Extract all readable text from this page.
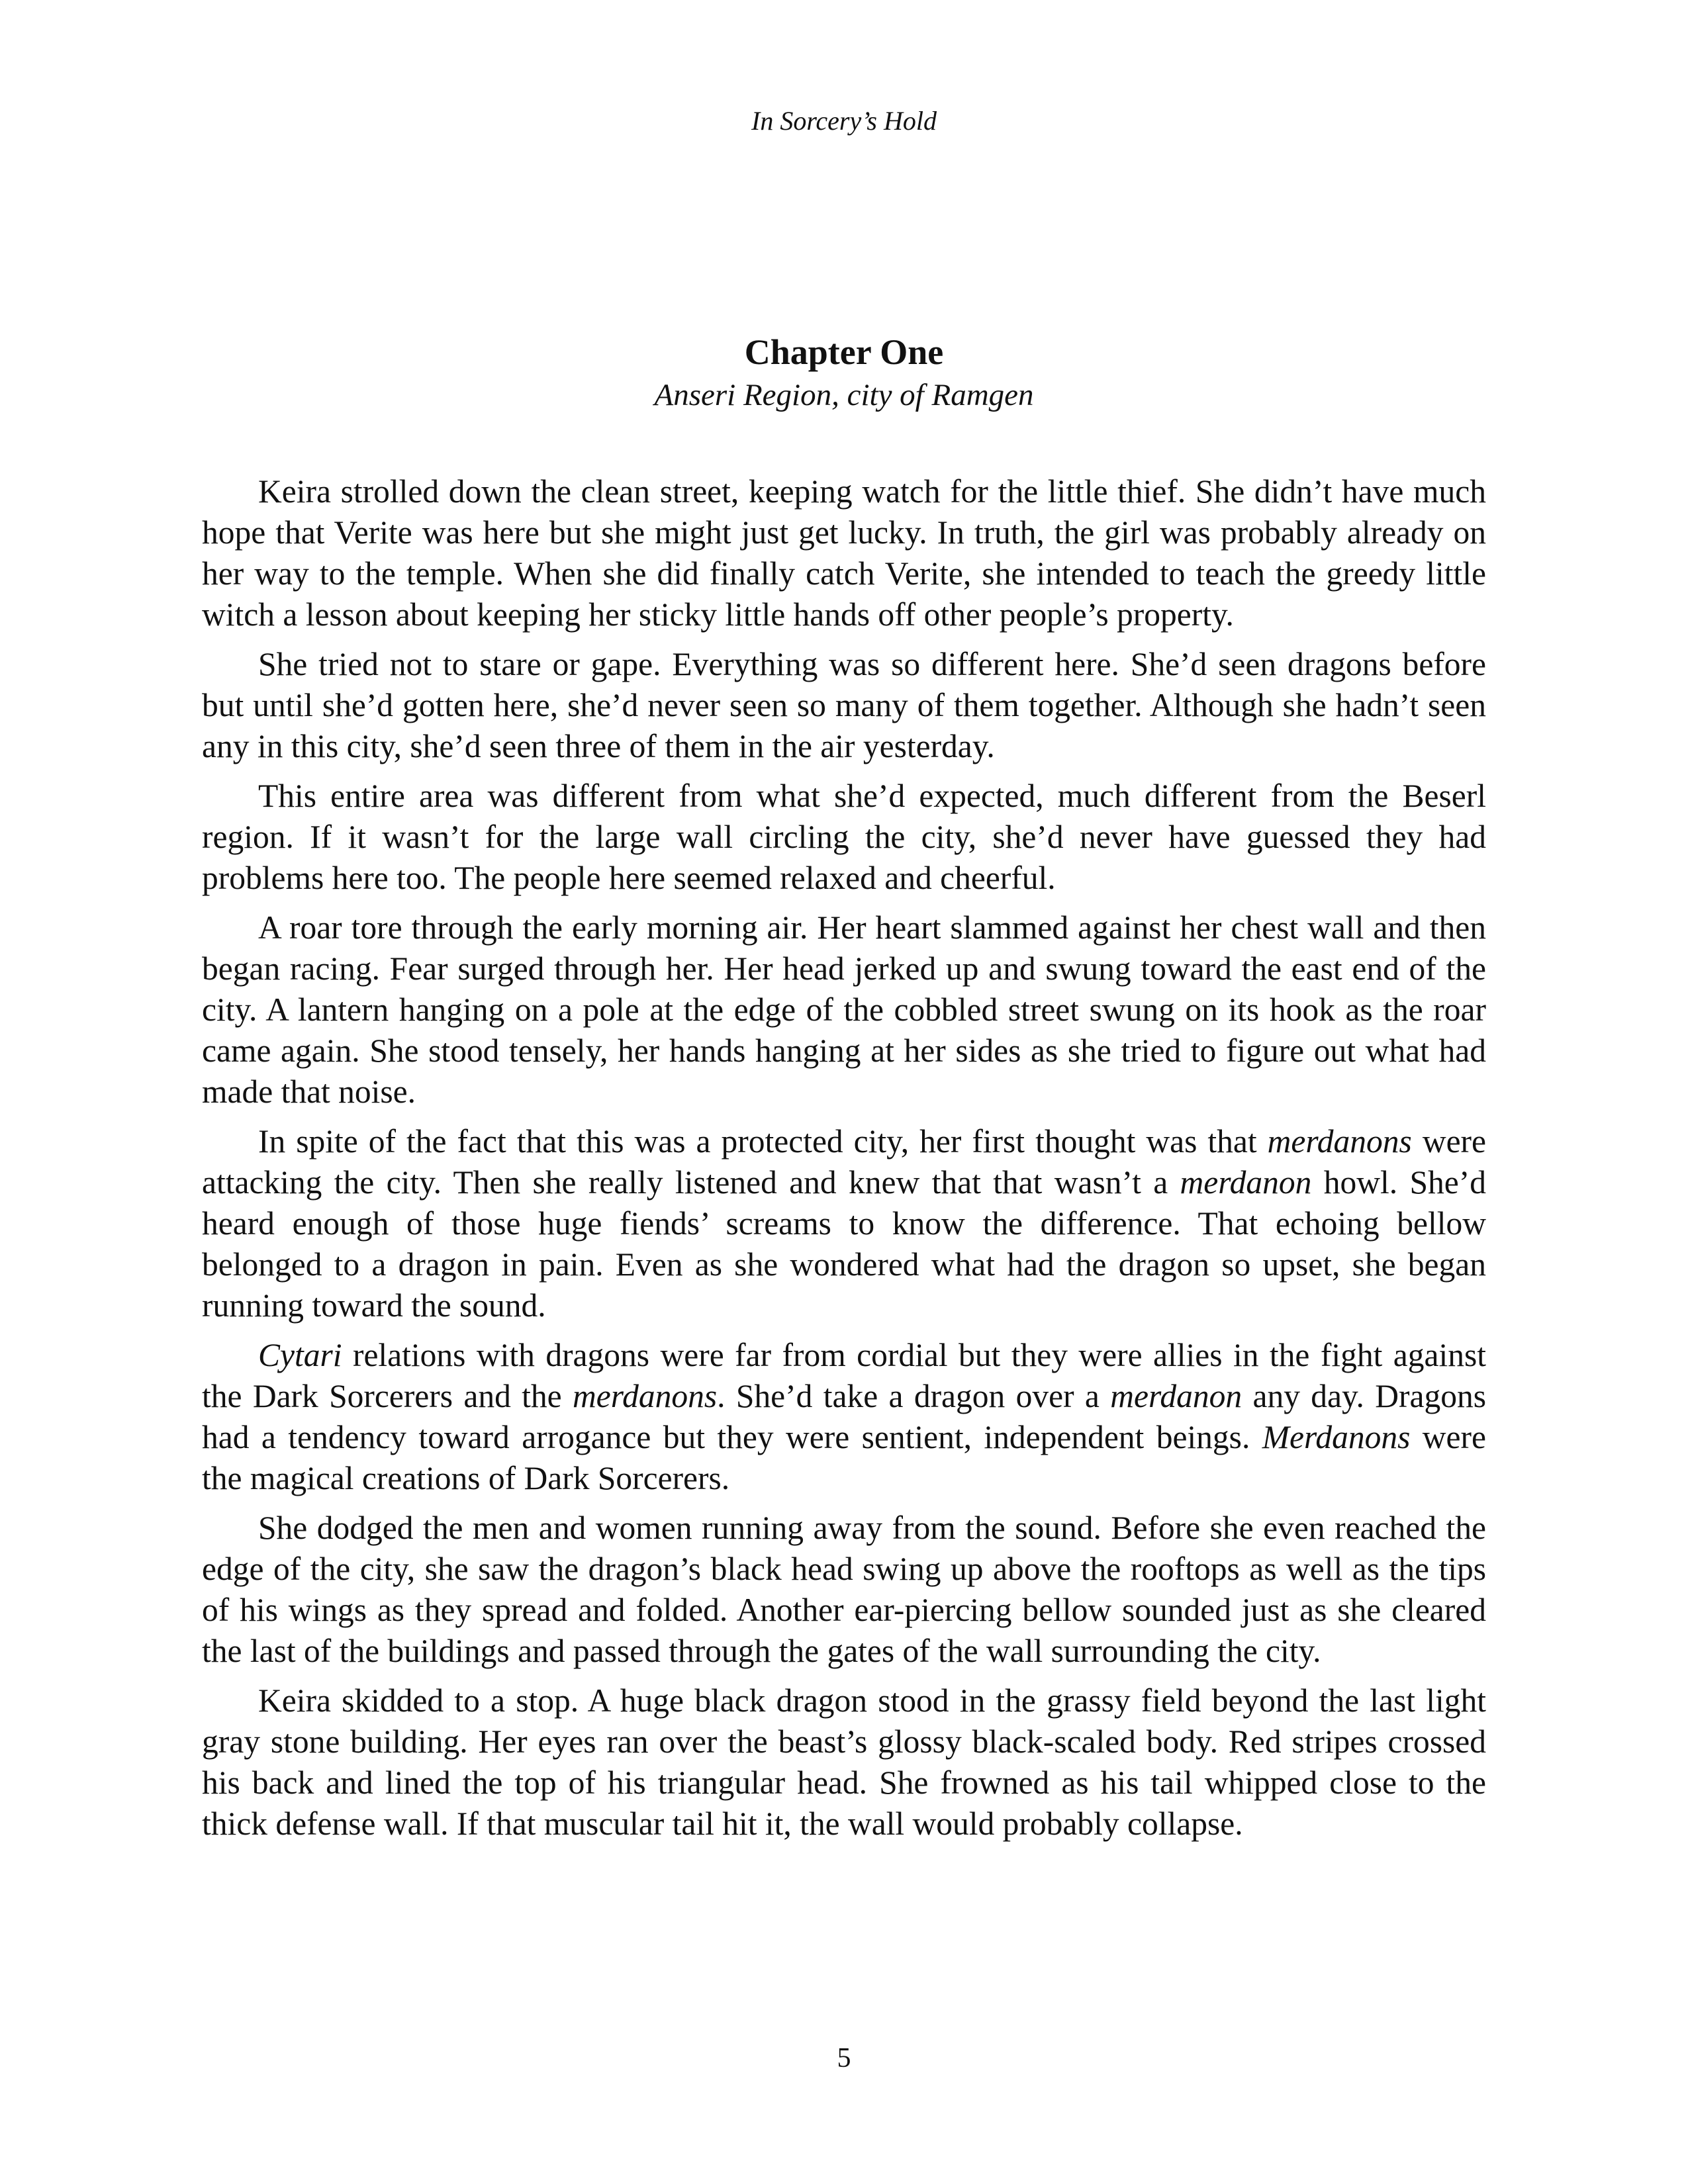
In Sorcery’s Hold
Chapter One
Anseri Region, city of Ramgen

Keira strolled down the clean street, keeping watch for the little thief. She didn’t have much hope that Verite was here but she might just get lucky. In truth, the girl was probably already on her way to the temple. When she did finally catch Verite, she intended to teach the greedy little witch a lesson about keeping her sticky little hands off other people’s property.

She tried not to stare or gape. Everything was so different here. She’d seen dragons before but until she’d gotten here, she’d never seen so many of them together. Although she hadn’t seen any in this city, she’d seen three of them in the air yesterday.

This entire area was different from what she’d expected, much different from the Beserl region. If it wasn’t for the large wall circling the city, she’d never have guessed they had problems here too. The people here seemed relaxed and cheerful.

A roar tore through the early morning air. Her heart slammed against her chest wall and then began racing. Fear surged through her. Her head jerked up and swung toward the east end of the city. A lantern hanging on a pole at the edge of the cobbled street swung on its hook as the roar came again. She stood tensely, her hands hanging at her sides as she tried to figure out what had made that noise.

In spite of the fact that this was a protected city, her first thought was that merdanons were attacking the city. Then she really listened and knew that that wasn’t a merdanon howl. She’d heard enough of those huge fiends’ screams to know the difference. That echoing bellow belonged to a dragon in pain. Even as she wondered what had the dragon so upset, she began running toward the sound.

Cytari relations with dragons were far from cordial but they were allies in the fight against the Dark Sorcerers and the merdanons. She’d take a dragon over a merdanon any day. Dragons had a tendency toward arrogance but they were sentient, independent beings. Merdanons were the magical creations of Dark Sorcerers.

She dodged the men and women running away from the sound. Before she even reached the edge of the city, she saw the dragon’s black head swing up above the rooftops as well as the tips of his wings as they spread and folded. Another ear-piercing bellow sounded just as she cleared the last of the buildings and passed through the gates of the wall surrounding the city.

Keira skidded to a stop. A huge black dragon stood in the grassy field beyond the last light gray stone building. Her eyes ran over the beast’s glossy black-scaled body. Red stripes crossed his back and lined the top of his triangular head. She frowned as his tail whipped close to the thick defense wall. If that muscular tail hit it, the wall would probably collapse.

5
